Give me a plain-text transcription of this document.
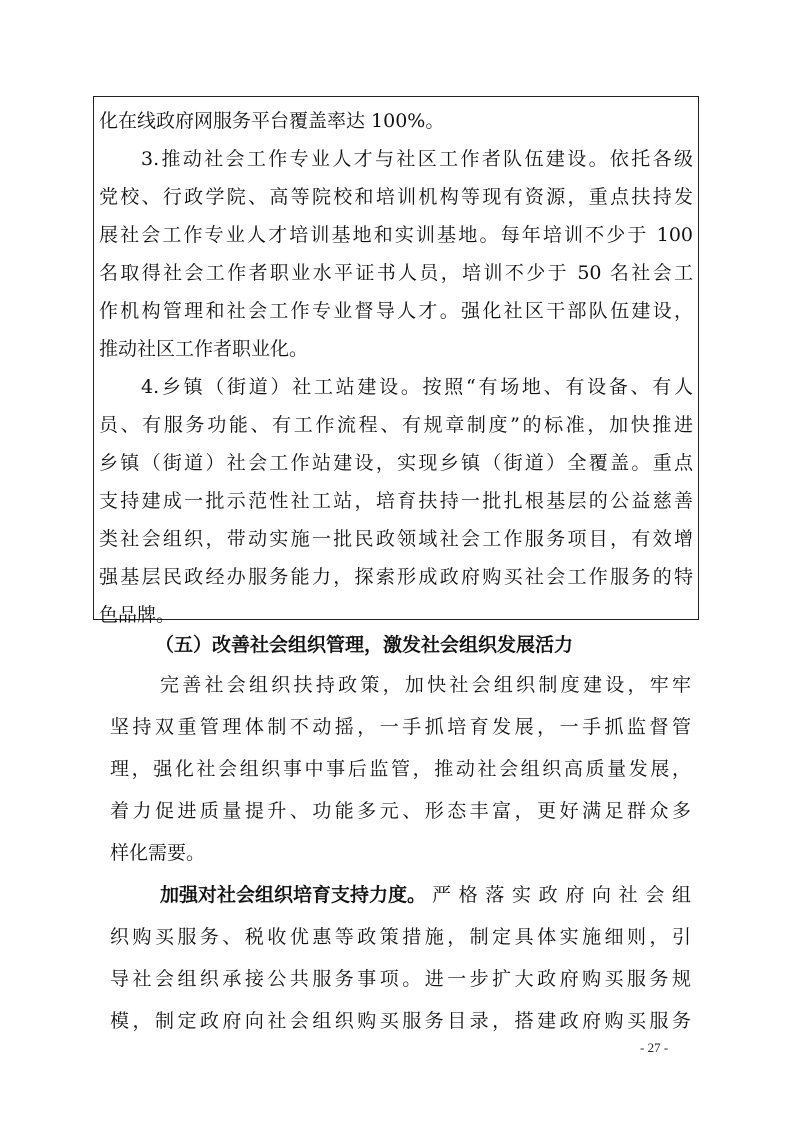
化在线政府网服务平台覆盖率达 100%。
3.推动社会工作专业人才与社区工作者队伍建设。依托各级
党校、行政学院、高等院校和培训机构等现有资源，重点扶持发
展社会工作专业人才培训基地和实训基地。每年培训不少于 100
名取得社会工作者职业水平证书人员，培训不少于 50 名社会工
作机构管理和社会工作专业督导人才。强化社区干部队伍建设，
推动社区工作者职业化。
4.乡镇（街道）社工站建设。按照“有场地、有设备、有人
员、有服务功能、有工作流程、有规章制度”的标准，加快推进
乡镇（街道）社会工作站建设，实现乡镇（街道）全覆盖。重点
支持建成一批示范性社工站，培育扶持一批扎根基层的公益慈善
类社会组织，带动实施一批民政领域社会工作服务项目，有效增
强基层民政经办服务能力，探索形成政府购买社会工作服务的特
色品牌。
（五）改善社会组织管理，激发社会组织发展活力
完善社会组织扶持政策，加快社会组织制度建设，牢牢
坚持双重管理体制不动摇，一手抓培育发展，一手抓监督管
理，强化社会组织事中事后监管，推动社会组织高质量发展，
着力促进质量提升、功能多元、形态丰富，更好满足群众多
样化需要。
加强对社会组织培育支持力度。 严格落实政府向社会组
织购买服务、税收优惠等政策措施，制定具体实施细则，引
导社会组织承接公共服务事项。进一步扩大政府购买服务规
模，制定政府向社会组织购买服务目录，搭建政府购买服务
- 27 -
